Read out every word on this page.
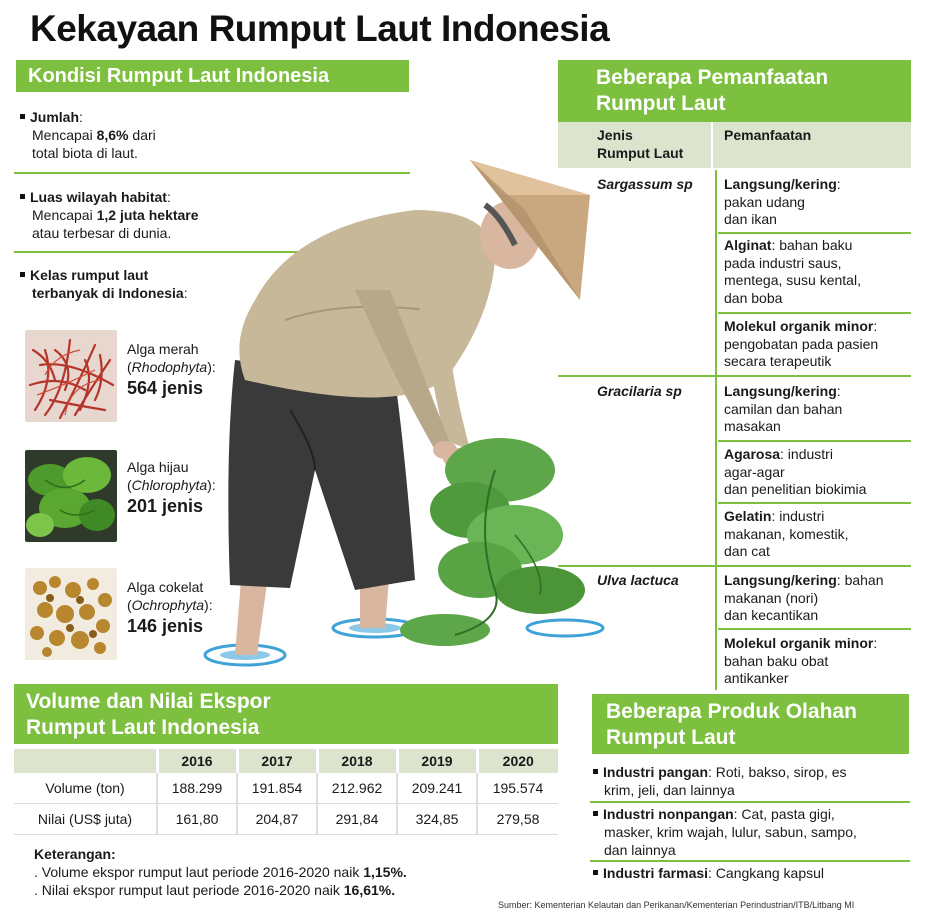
Kekayaan Rumput Laut Indonesia
Kondisi Rumput Laut Indonesia
Jumlah:
Mencapai 8,6% dari
total biota di laut.
Luas wilayah habitat:
Mencapai 1,2 juta hektare
atau terbesar di dunia.
Kelas rumput laut
terbanyak di Indonesia:
Alga merah
(Rhodophyta):
564 jenis
Alga hijau
(Chlorophyta):
201 jenis
Alga cokelat
(Ochrophyta):
146 jenis
Beberapa Pemanfaatan
Rumput Laut
Jenis
Rumput Laut
Pemanfaatan
Sargassum sp Langsung/kering:
pakan udang
dan ikan
Alginat: bahan baku
pada industri saus,
mentega, susu kental,
dan boba
Molekul organik minor:
pengobatan pada pasien
secara terapeutik
Gracilaria sp	Langsung/kering:
camilan dan bahan
masakan
Agarosa: industri
agar-agar
dan penelitian biokimia
Gelatin: industri
makanan, komestik,
dan cat
Ulva lactuca	Langsung/kering: bahan
makanan (nori)
dan kecantikan
Molekul organik minor:
bahan baku obat
antikanker
Volume dan Nilai Ekspor
Rumput Laut Indonesia
	2016	2017	2018	2019	2020
Volume (ton)	188.299	191.854	212.962	209.241	195.574
Nilai (US$ juta)	161,80	204,87	291,84	324,85	279,58
Keterangan:
. Volume ekspor rumput laut periode 2016-2020 naik 1,15%.
. Nilai ekspor rumput laut periode 2016-2020 naik 16,61%.
Beberapa Produk Olahan
Rumput Laut
Industri pangan: Roti, bakso, sirop, es
krim, jeli, dan lainnya
Industri nonpangan: Cat, pasta gigi,
masker, krim wajah, lulur, sabun, sampo,
dan lainnya
Industri farmasi: Cangkang kapsul
Sumber: Kementerian Kelautan dan Perikanan/Kementerian Perindustrian/ITB/Litbang MI
